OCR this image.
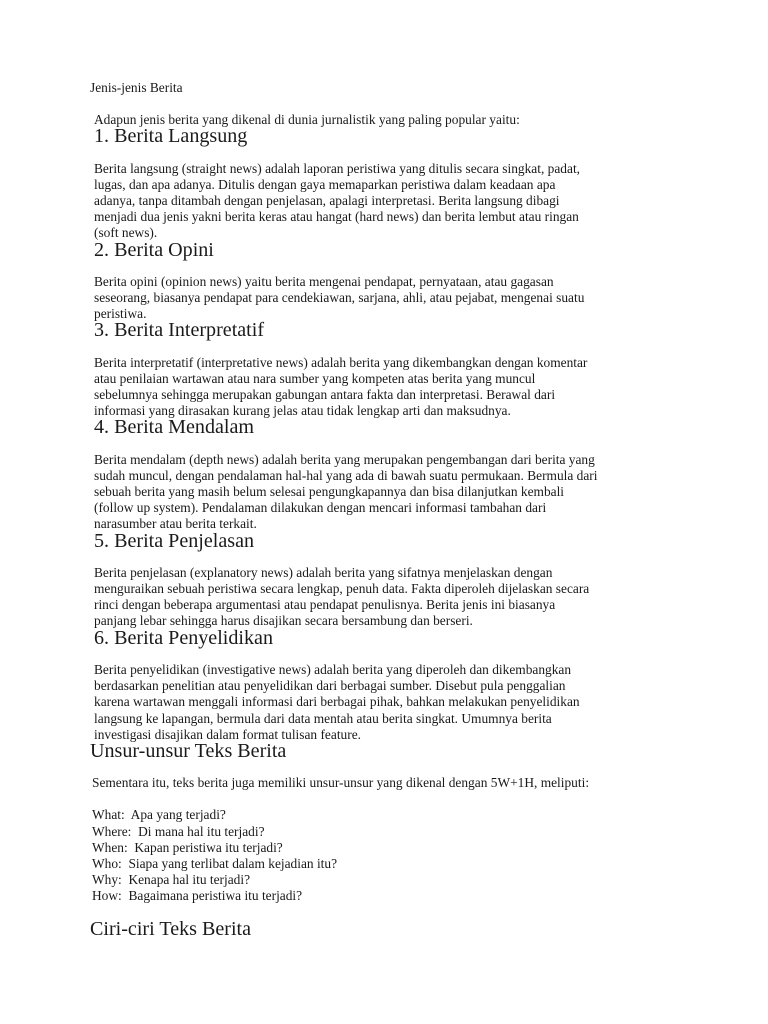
Jenis-jenis Berita

Adapun jenis berita yang dikenal di dunia jurnalistik yang paling popular yaitu:

1. Berita Langsung

Berita langsung (straight news) adalah laporan peristiwa yang ditulis secara singkat, padat,
lugas, dan apa adanya. Ditulis dengan gaya memaparkan peristiwa dalam keadaan apa
adanya, tanpa ditambah dengan penjelasan, apalagi interpretasi. Berita langsung dibagi
menjadi dua jenis yakni berita keras atau hangat (hard news) dan berita lembut atau ringan
(soft news).

2. Berita Opini

Berita opini (opinion news) yaitu berita mengenai pendapat, pernyataan, atau gagasan
seseorang, biasanya pendapat para cendekiawan, sarjana, ahli, atau pejabat, mengenai suatu
peristiwa.

3. Berita Interpretatif

Berita interpretatif (interpretative news) adalah berita yang dikembangkan dengan komentar
atau penilaian wartawan atau nara sumber yang kompeten atas berita yang muncul
sebelumnya sehingga merupakan gabungan antara fakta dan interpretasi. Berawal dari
informasi yang dirasakan kurang jelas atau tidak lengkap arti dan maksudnya.

4. Berita Mendalam

Berita mendalam (depth news) adalah berita yang merupakan pengembangan dari berita yang
sudah muncul, dengan pendalaman hal-hal yang ada di bawah suatu permukaan. Bermula dari
sebuah berita yang masih belum selesai pengungkapannya dan bisa dilanjutkan kembali
(follow up system). Pendalaman dilakukan dengan mencari informasi tambahan dari
narasumber atau berita terkait.

5. Berita Penjelasan

Berita penjelasan (explanatory news) adalah berita yang sifatnya menjelaskan dengan
menguraikan sebuah peristiwa secara lengkap, penuh data. Fakta diperoleh dijelaskan secara
rinci dengan beberapa argumentasi atau pendapat penulisnya. Berita jenis ini biasanya
panjang lebar sehingga harus disajikan secara bersambung dan berseri.

6. Berita Penyelidikan

Berita penyelidikan (investigative news) adalah berita yang diperoleh dan dikembangkan
berdasarkan penelitian atau penyelidikan dari berbagai sumber. Disebut pula penggalian
karena wartawan menggali informasi dari berbagai pihak, bahkan melakukan penyelidikan
langsung ke lapangan, bermula dari data mentah atau berita singkat. Umumnya berita
investigasi disajikan dalam format tulisan feature.

Unsur-unsur Teks Berita

Sementara itu, teks berita juga memiliki unsur-unsur yang dikenal dengan 5W+1H, meliputi:

What:  Apa yang terjadi?
Where:  Di mana hal itu terjadi?
When:  Kapan peristiwa itu terjadi?
Who:  Siapa yang terlibat dalam kejadian itu?
Why:  Kenapa hal itu terjadi?
How:  Bagaimana peristiwa itu terjadi?
Ciri-ciri Teks Berita
